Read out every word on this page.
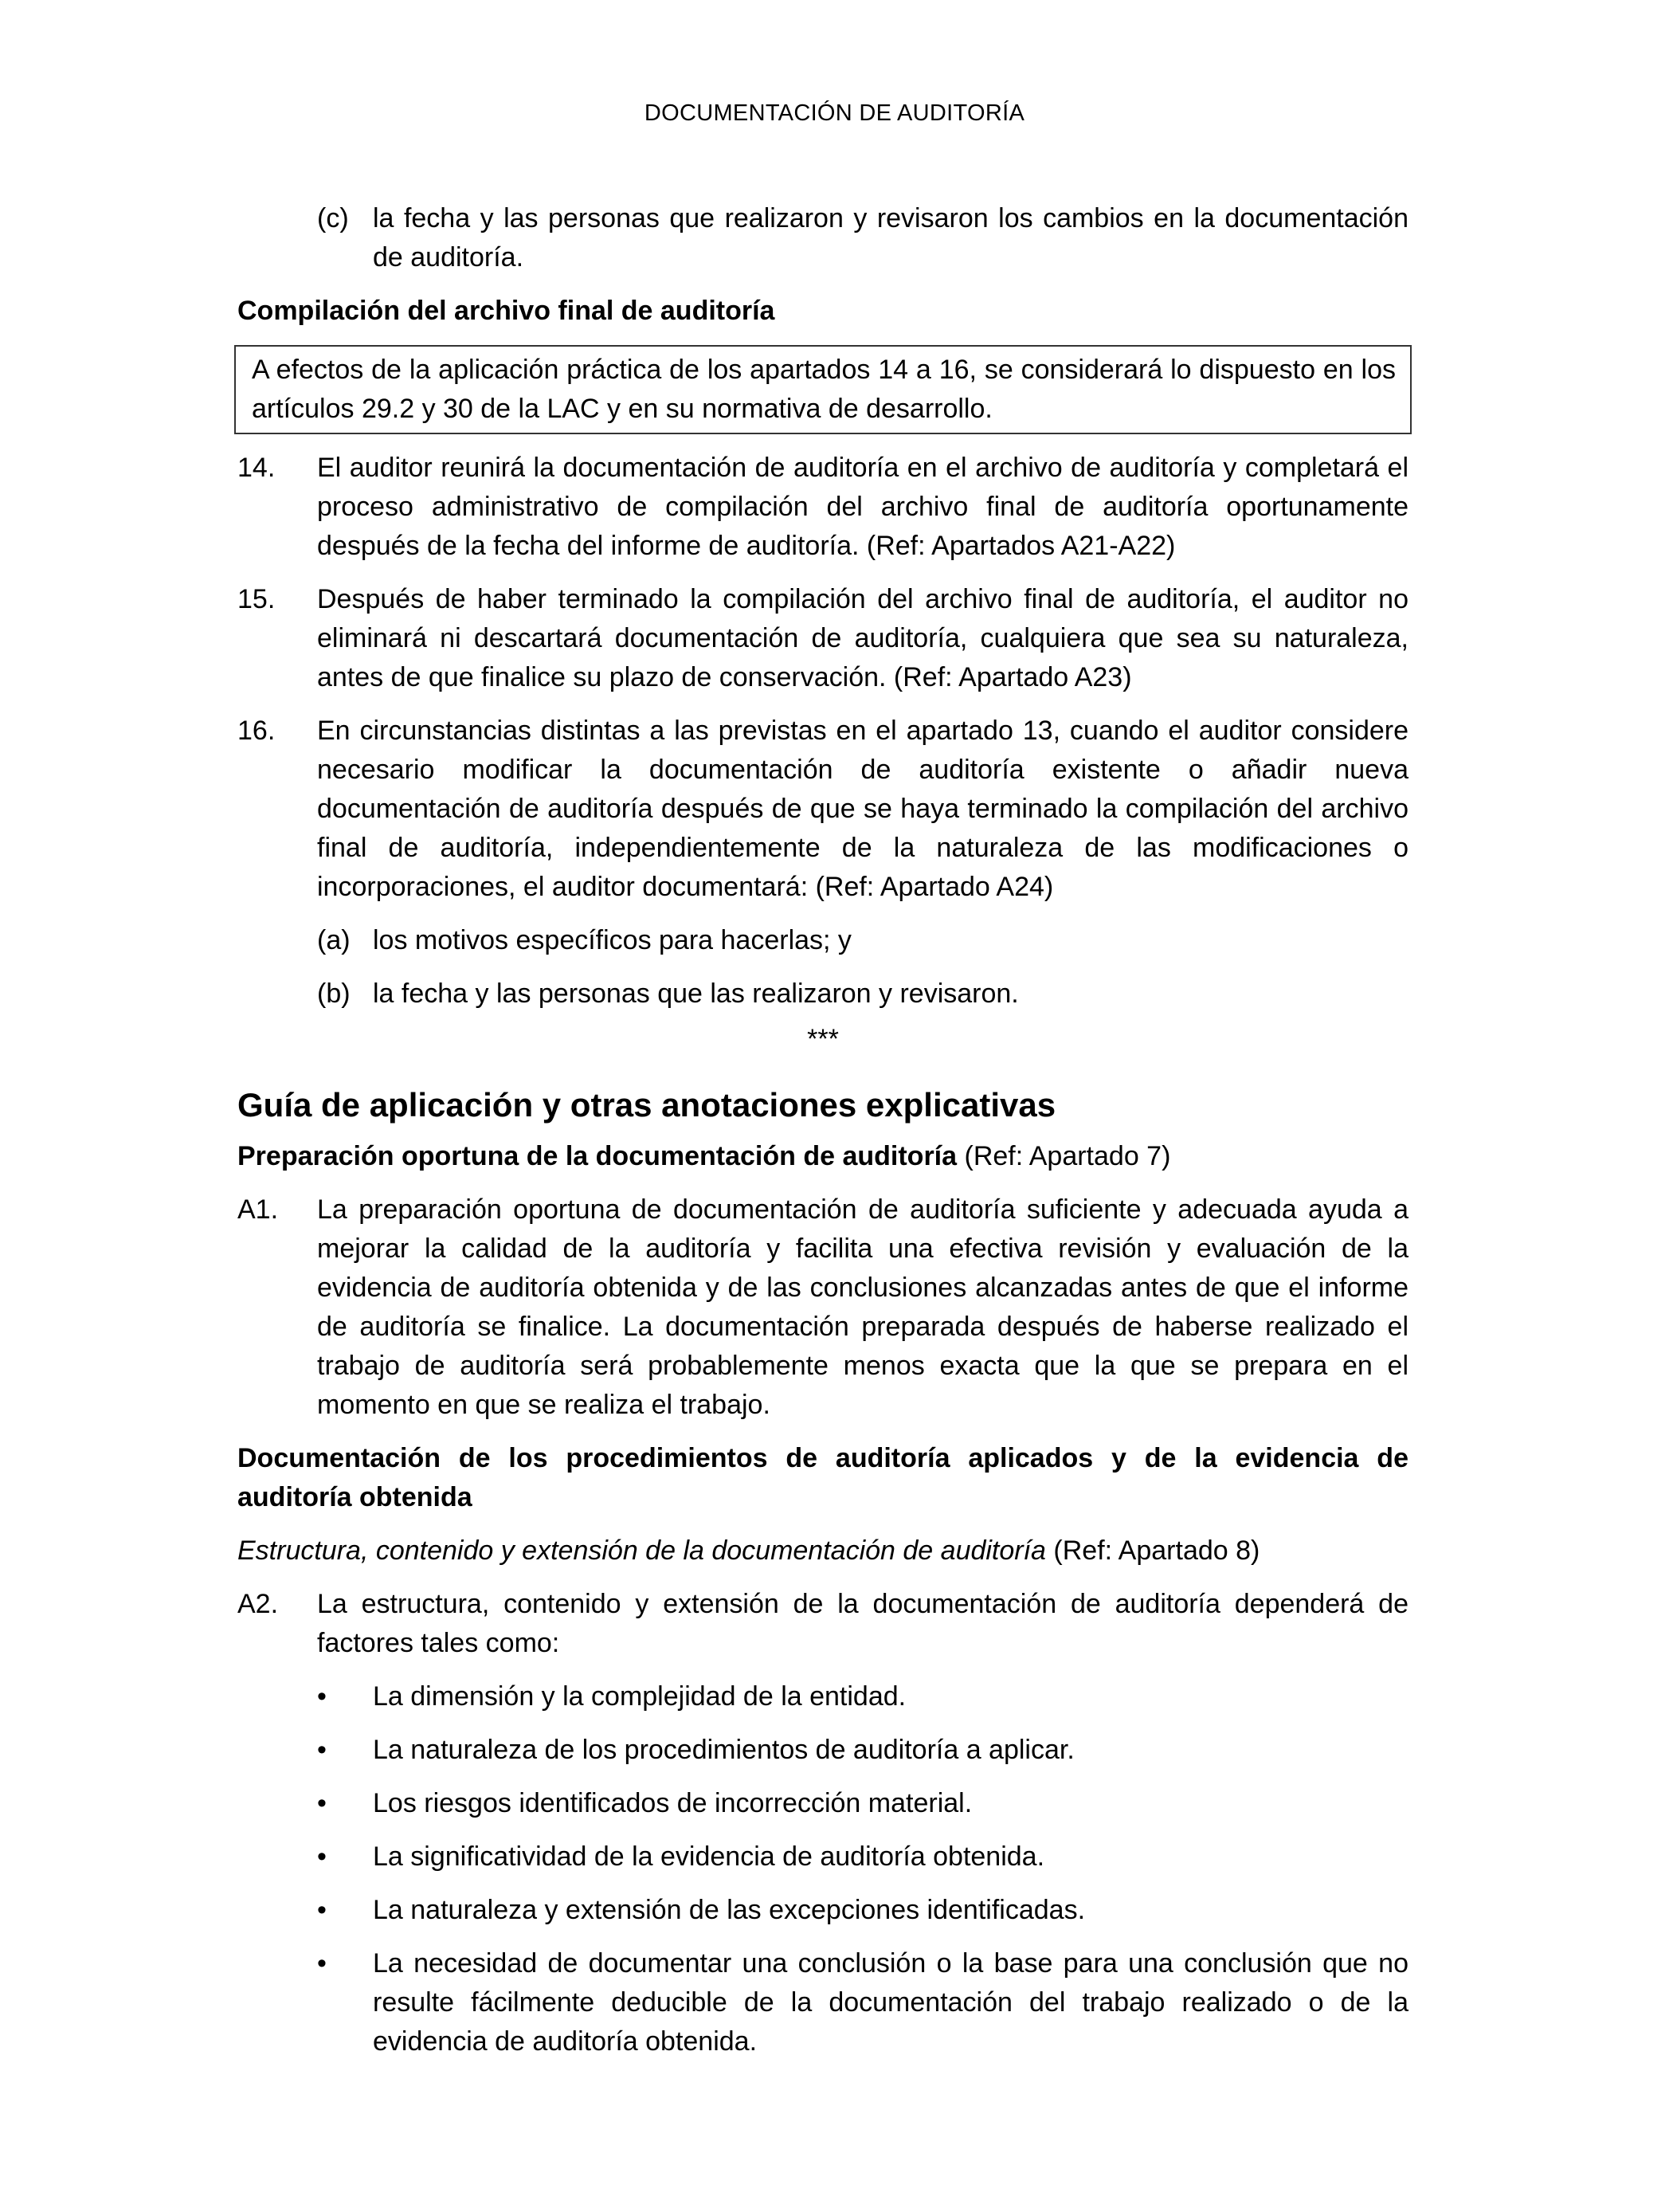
DOCUMENTACIÓN DE AUDITORÍA
(c) la fecha y las personas que realizaron y revisaron los cambios en la documentación de auditoría.

Compilación del archivo final de auditoría

A efectos de la aplicación práctica de los apartados 14 a 16, se considerará lo dispuesto en los artículos 29.2 y 30 de la LAC y en su normativa de desarrollo.
14.	El auditor reunirá la documentación de auditoría en el archivo de auditoría y completará el proceso administrativo de compilación del archivo final de auditoría oportunamente después de la fecha del informe de auditoría. (Ref: Apartados A21-A22)
15.	Después de haber terminado la compilación del archivo final de auditoría, el auditor no eliminará ni descartará documentación de auditoría, cualquiera que sea su naturaleza, antes de que finalice su plazo de conservación. (Ref: Apartado A23)
16.	En circunstancias distintas a las previstas en el apartado 13, cuando el auditor considere necesario modificar la documentación de auditoría existente o añadir nueva documentación de auditoría después de que se haya terminado la compilación del archivo final de auditoría, independientemente de la naturaleza de las modificaciones o incorporaciones, el auditor documentará: (Ref: Apartado A24)
(a) los motivos específicos para hacerlas; y
(b) la fecha y las personas que las realizaron y revisaron.

***

Guía de aplicación y otras anotaciones explicativas

Preparación oportuna de la documentación de auditoría (Ref: Apartado 7)

A1.	La preparación oportuna de documentación de auditoría suficiente y adecuada ayuda a mejorar la calidad de la auditoría y facilita una efectiva revisión y evaluación de la evidencia de auditoría obtenida y de las conclusiones alcanzadas antes de que el informe de auditoría se finalice. La documentación preparada después de haberse realizado el trabajo de auditoría será probablemente menos exacta que la que se prepara en el momento en que se realiza el trabajo.

Documentación de los procedimientos de auditoría aplicados y de la evidencia de auditoría obtenida

Estructura, contenido y extensión de la documentación de auditoría (Ref: Apartado 8)

A2.	La estructura, contenido y extensión de la documentación de auditoría dependerá de factores tales como:
•	La dimensión y la complejidad de la entidad.
•	La naturaleza de los procedimientos de auditoría a aplicar.
•	Los riesgos identificados de incorrección material.
•	La significatividad de la evidencia de auditoría obtenida.
•	La naturaleza y extensión de las excepciones identificadas.
•	La necesidad de documentar una conclusión o la base para una conclusión que no resulte fácilmente deducible de la documentación del trabajo realizado o de la evidencia de auditoría obtenida.
